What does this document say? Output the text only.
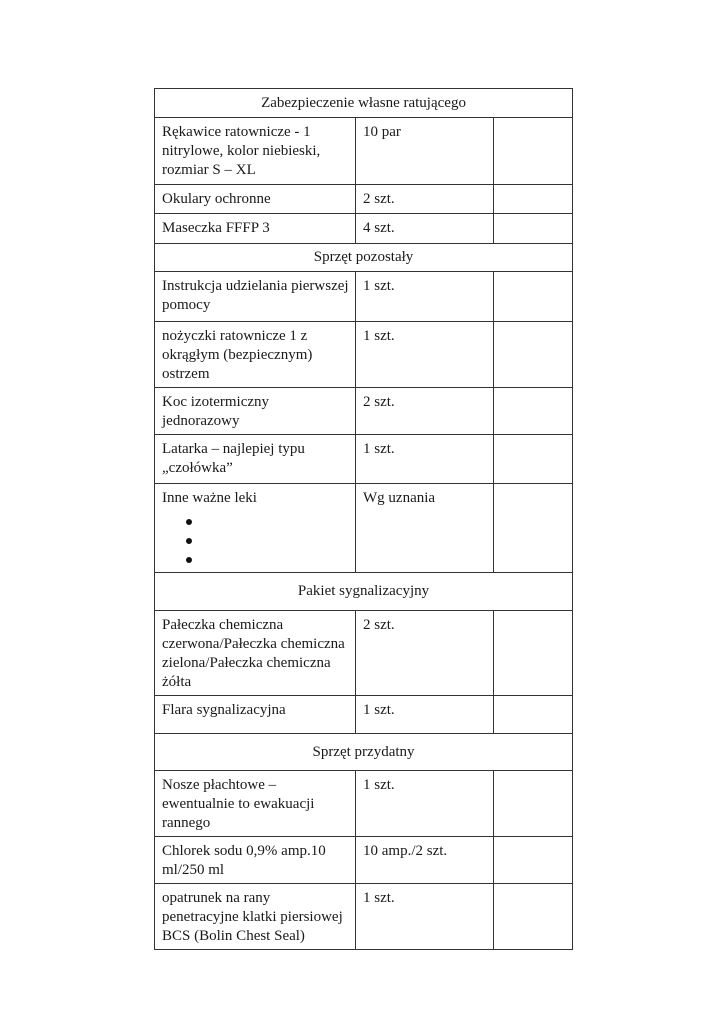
Zabezpieczenie własne ratującego		
Rękawice ratownicze - 1 nitrylowe, kolor niebieski, rozmiar S – XL	10 par	
Okulary ochronne	2 szt.	
Maseczka FFFP 3	4 szt.	
Sprzęt pozostały		
Instrukcja udzielania pierwszej pomocy	1 szt.	
nożyczki ratownicze 1 z okrągłym (bezpiecznym) ostrzem	1 szt.	
Koc izotermiczny jednorazowy	2 szt.	
Latarka – najlepiej typu „czołówka”	1 szt.	
Inne ważne leki	Wg uznania	
Pakiet sygnalizacyjny		
Pałeczka chemiczna czerwona/Pałeczka chemiczna zielona/Pałeczka chemiczna żółta	2 szt.	
Flara sygnalizacyjna	1 szt.	
Sprzęt przydatny		
Nosze płachtowe – ewentualnie to ewakuacji rannego	1 szt.	
Chlorek sodu 0,9% amp.10 ml/250 ml	10 amp./2 szt.	
opatrunek na rany penetracyjne klatki piersiowej BCS (Bolin Chest Seal)	1 szt.	
